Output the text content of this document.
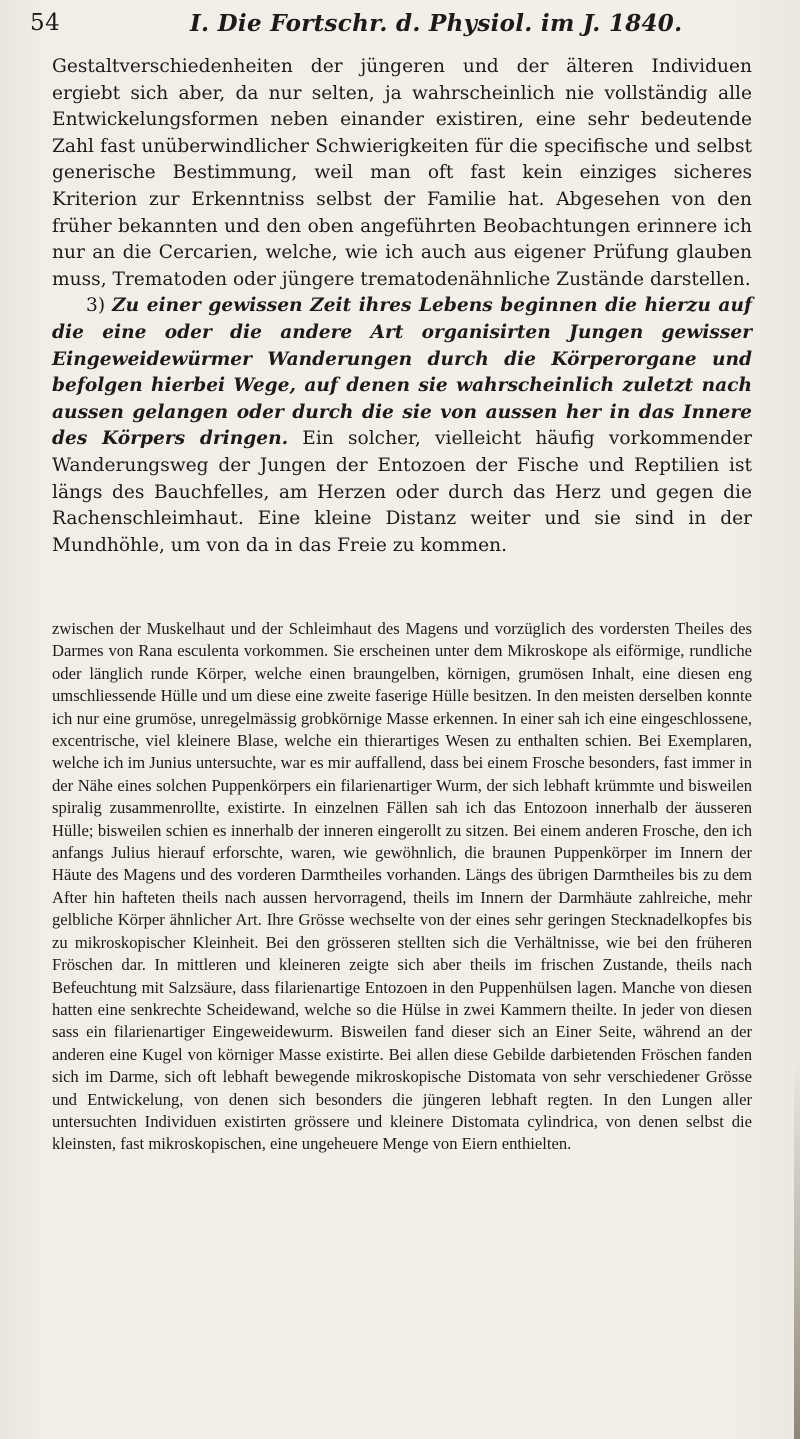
54	I. Die Fortschr. d. Physiol. im J. 1840.

Gestaltverschiedenheiten der jüngeren und der älteren Individuen ergiebt sich aber, da nur selten, ja wahrscheinlich nie vollständig alle Entwickelungsformen neben einander existiren, eine sehr bedeutende Zahl fast unüberwindlicher Schwierigkeiten für die specifische und selbst generische Bestimmung, weil man oft fast kein einziges sicheres Kriterion zur Erkenntniss selbst der Familie hat. Abgesehen von den früher bekannten und den oben angeführten Beobachtungen erinnere ich nur an die Cercarien, welche, wie ich auch aus eigener Prüfung glauben muss, Trematoden oder jüngere trematodenähnliche Zustände darstellen.

3) Zu einer gewissen Zeit ihres Lebens beginnen die hierzu auf die eine oder die andere Art organisirten Jungen gewisser Eingeweidewürmer Wanderungen durch die Körperorgane und befolgen hierbei Wege, auf denen sie wahrscheinlich zuletzt nach aussen gelangen oder durch die sie von aussen her in das Innere des Körpers dringen. Ein solcher, vielleicht häufig vorkommender Wanderungsweg der Jungen der Entozoen der Fische und Reptilien ist längs des Bauchfelles, am Herzen oder durch das Herz und gegen die Rachenschleimhaut. Eine kleine Distanz weiter und sie sind in der Mundhöhle, um von da in das Freie zu kommen.

zwischen der Muskelhaut und der Schleimhaut des Magens und vorzüglich des vordersten Theiles des Darmes von Rana esculenta vorkommen. Sie erscheinen unter dem Mikroskope als eiförmige, rundliche oder länglich runde Körper, welche einen braungelben, körnigen, grumösen Inhalt, eine diesen eng umschliessende Hülle und um diese eine zweite faserige Hülle besitzen. In den meisten derselben konnte ich nur eine grumöse, unregelmässig grobkörnige Masse erkennen. In einer sah ich eine eingeschlossene, excentrische, viel kleinere Blase, welche ein thierartiges Wesen zu enthalten schien. Bei Exemplaren, welche ich im Junius untersuchte, war es mir auffallend, dass bei einem Frosche besonders, fast immer in der Nähe eines solchen Puppenkörpers ein filarienartiger Wurm, der sich lebhaft krümmte und bisweilen spiralig zusammenrollte, existirte. In einzelnen Fällen sah ich das Entozoon innerhalb der äusseren Hülle; bisweilen schien es innerhalb der inneren eingerollt zu sitzen. Bei einem anderen Frosche, den ich anfangs Julius hierauf erforschte, waren, wie gewöhnlich, die braunen Puppenkörper im Innern der Häute des Magens und des vorderen Darmtheiles vorhanden. Längs des übrigen Darmtheiles bis zu dem After hin hafteten theils nach aussen hervorragend, theils im Innern der Darmhäute zahlreiche, mehr gelbliche Körper ähnlicher Art. Ihre Grösse wechselte von der eines sehr geringen Stecknadelkopfes bis zu mikroskopischer Kleinheit. Bei den grösseren stellten sich die Verhältnisse, wie bei den früheren Fröschen dar. In mittleren und kleineren zeigte sich aber theils im frischen Zustande, theils nach Befeuchtung mit Salzsäure, dass filarienartige Entozoen in den Puppenhülsen lagen. Manche von diesen hatten eine senkrechte Scheidewand, welche so die Hülse in zwei Kammern theilte. In jeder von diesen sass ein filarienartiger Eingeweidewurm. Bisweilen fand dieser sich an Einer Seite, während an der anderen eine Kugel von körniger Masse existirte. Bei allen diese Gebilde darbietenden Fröschen fanden sich im Darme, sich oft lebhaft bewegende mikroskopische Distomata von sehr verschiedener Grösse und Entwickelung, von denen sich besonders die jüngeren lebhaft regten. In den Lungen aller untersuchten Individuen existirten grössere und kleinere Distomata cylindrica, von denen selbst die kleinsten, fast mikroskopischen, eine ungeheuere Menge von Eiern enthielten.
